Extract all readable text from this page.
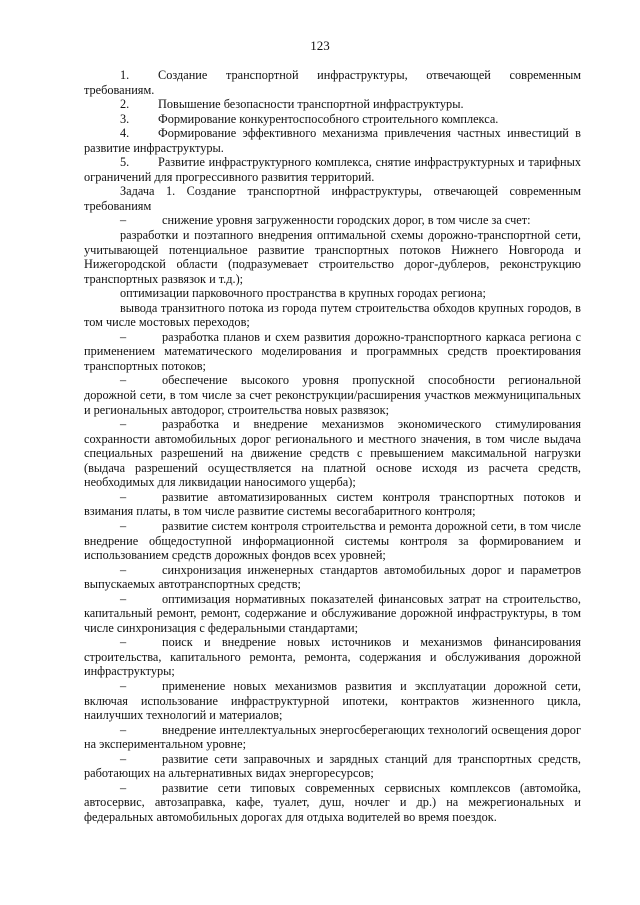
123

1. Создание транспортной инфраструктуры, отвечающей современным требованиям.

2. Повышение безопасности транспортной инфраструктуры.

3. Формирование конкурентоспособного строительного комплекса.

4. Формирование эффективного механизма привлечения частных инвестиций в развитие инфраструктуры.

5. Развитие инфраструктурного комплекса, снятие инфраструктурных и тарифных ограничений для прогрессивного развития территорий.

Задача 1. Создание транспортной инфраструктуры, отвечающей современным требованиям

–	снижение уровня загруженности городских дорог, в том числе за счет:

разработки и поэтапного внедрения оптимальной схемы дорожно-транспортной сети, учитывающей потенциальное развитие транспортных потоков Нижнего Новгорода и Нижегородской области (подразумевает строительство дорог-дублеров, реконструкцию транспортных развязок и т.д.);

оптимизации парковочного пространства в крупных городах региона;

вывода транзитного потока из города путем строительства обходов крупных городов, в том числе мостовых переходов;

–	разработка планов и схем развития дорожно-транспортного каркаса региона с применением математического моделирования и программных средств проектирования транспортных потоков;

–	обеспечение высокого уровня пропускной способности региональной дорожной сети, в том числе за счет реконструкции/расширения участков межмуниципальных и региональных автодорог, строительства новых развязок;

–	разработка и внедрение механизмов экономического стимулирования сохранности автомобильных дорог регионального и местного значения, в том числе выдача специальных разрешений на движение средств с превышением максимальной нагрузки (выдача разрешений осуществляется на платной основе исходя из расчета средств, необходимых для ликвидации наносимого ущерба);

–	развитие автоматизированных систем контроля транспортных потоков и взимания платы, в том числе развитие системы весогабаритного контроля;

–	развитие систем контроля строительства и ремонта дорожной сети, в том числе внедрение общедоступной информационной системы контроля за формированием и использованием средств дорожных фондов всех уровней;

–	синхронизация инженерных стандартов автомобильных дорог и параметров выпускаемых автотранспортных средств;

–	оптимизация нормативных показателей финансовых затрат на строительство, капитальный ремонт, ремонт, содержание и обслуживание дорожной инфраструктуры, в том числе синхронизация с федеральными стандартами;

–	поиск и внедрение новых источников и механизмов финансирования строительства, капитального ремонта, ремонта, содержания и обслуживания дорожной инфраструктуры;

–	применение новых механизмов развития и эксплуатации дорожной сети, включая использование инфраструктурной ипотеки, контрактов жизненного цикла, наилучших технологий и материалов;

–	внедрение интеллектуальных энергосберегающих технологий освещения дорог на экспериментальном уровне;

–	развитие сети заправочных и зарядных станций для транспортных средств, работающих на альтернативных видах энергоресурсов;

–	развитие сети типовых современных сервисных комплексов (автомойка, автосервис, автозаправка, кафе, туалет, душ, ночлег и др.) на межрегиональных и федеральных автомобильных дорогах для отдыха водителей во время поездок.
